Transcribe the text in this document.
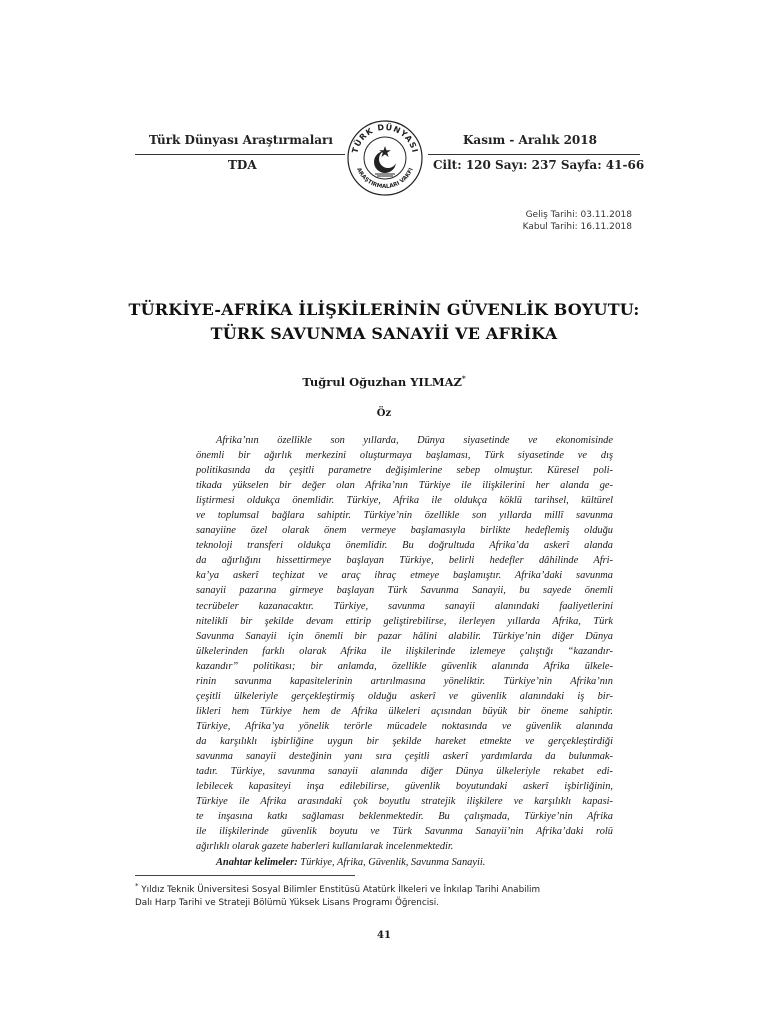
Türk Dünyası Araştırmaları
TDA
Kasım - Aralık 2018
Cilt: 120 Sayı: 237 Sayfa: 41-66
TÜRK DÜNYASI
ARAŞTIRMALARI VAKFI
Geliş Tarihi: 03.11.2018
Kabul Tarihi: 16.11.2018
TÜRKİYE-AFRİKA İLİŞKİLERİNİN GÜVENLİK BOYUTU:
TÜRK SAVUNMA SANAYİİ VE AFRİKA
Tuğrul Oğuzhan YILMAZ*
Öz
Afrika’nın özellikle son yıllarda, Dünya siyasetinde ve ekonomisinde
önemli bir ağırlık merkezini oluşturmaya başlaması, Türk siyasetinde ve dış
politikasında da çeşitli parametre değişimlerine sebep olmuştur. Küresel poli-
tikada yükselen bir değer olan Afrika’nın Türkiye ile ilişkilerini her alanda ge-
liştirmesi oldukça önemlidir. Türkiye, Afrika ile oldukça köklü tarihsel, kültürel
ve toplumsal bağlara sahiptir. Türkiye’nin özellikle son yıllarda millî savunma
sanayiine özel olarak önem vermeye başlamasıyla birlikte hedeflemiş olduğu
teknoloji transferi oldukça önemlidir. Bu doğrultuda Afrika’da askerî alanda
da ağırlığını hissettirmeye başlayan Türkiye, belirli hedefler dâhilinde Afri-
ka’ya askerî teçhizat ve araç ihraç etmeye başlamıştır. Afrika’daki savunma
sanayii pazarına girmeye başlayan Türk Savunma Sanayii, bu sayede önemli
tecrübeler kazanacaktır. Türkiye, savunma sanayii alanındaki faaliyetlerini
nitelikli bir şekilde devam ettirip geliştirebilirse, ilerleyen yıllarda Afrika, Türk
Savunma Sanayii için önemli bir pazar hâlini alabilir. Türkiye’nin diğer Dünya
ülkelerinden farklı olarak Afrika ile ilişkilerinde izlemeye çalıştığı “kazandır-
kazandır” politikası; bir anlamda, özellikle güvenlik alanında Afrika ülkele-
rinin savunma kapasitelerinin artırılmasına yöneliktir. Türkiye’nin Afrika’nın
çeşitli ülkeleriyle gerçekleştirmiş olduğu askerî ve güvenlik alanındaki iş bir-
likleri hem Türkiye hem de Afrika ülkeleri açısından büyük bir öneme sahiptir.
Türkiye, Afrika’ya yönelik terörle mücadele noktasında ve güvenlik alanında
da karşılıklı işbirliğine uygun bir şekilde hareket etmekte ve gerçekleştirdiği
savunma sanayii desteğinin yanı sıra çeşitli askerî yardımlarda da bulunmak-
tadır. Türkiye, savunma sanayii alanında diğer Dünya ülkeleriyle rekabet edi-
lebilecek kapasiteyi inşa edilebilirse, güvenlik boyutundaki askerî işbirliğinin,
Türkiye ile Afrika arasındaki çok boyutlu stratejik ilişkilere ve karşılıklı kapasi-
te inşasına katkı sağlaması beklenmektedir. Bu çalışmada, Türkiye’nin Afrika
ile ilişkilerinde güvenlik boyutu ve Türk Savunma Sanayii’nin Afrika’daki rolü
ağırlıklı olarak gazete haberleri kullanılarak incelenmektedir.
Anahtar kelimeler: Türkiye, Afrika, Güvenlik, Savunma Sanayii.
* Yıldız Teknik Üniversitesi Sosyal Bilimler Enstitüsü Atatürk İlkeleri ve İnkılap Tarihi Anabilim
Dalı Harp Tarihi ve Strateji Bölümü Yüksek Lisans Programı Öğrencisi.
41
